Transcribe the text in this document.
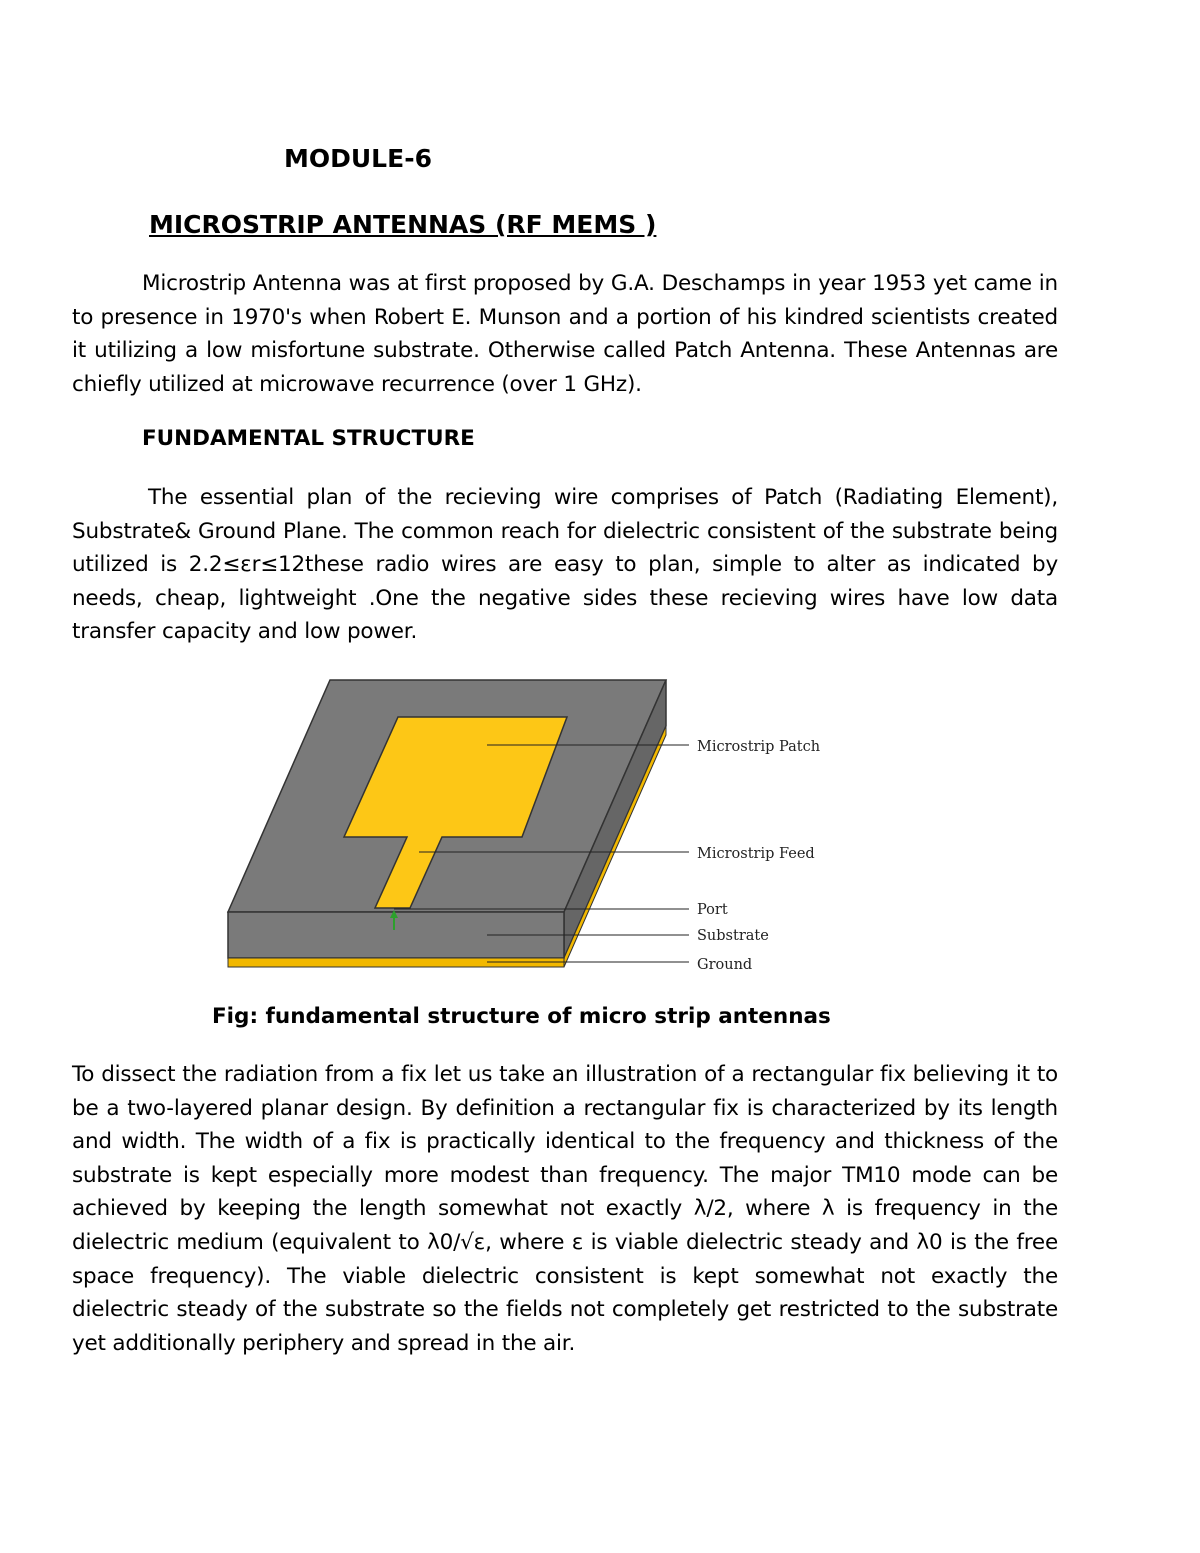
MODULE-6
MICROSTRIP ANTENNAS (RF MEMS )

Microstrip Antenna was at first proposed by G.A. Deschamps in year 1953 yet came in to presence in 1970's when Robert E. Munson and a portion of his kindred scientists created it utilizing a low misfortune substrate. Otherwise called Patch Antenna. These Antennas are chiefly utilized at microwave recurrence (over 1 GHz).

FUNDAMENTAL STRUCTURE

The essential plan of the recieving wire comprises of Patch (Radiating Element), Substrate& Ground Plane. The common reach for dielectric consistent of the substrate being utilized is 2.2≤εr≤12these radio wires are easy to plan, simple to alter as indicated by needs, cheap, lightweight .One the negative sides these recieving wires have low data transfer capacity and low power.

Microstrip Patch
Microstrip Feed
Port
Substrate
Ground
Fig: fundamental structure of micro strip antennas

To dissect the radiation from a fix let us take an illustration of a rectangular fix believing it to be a two-layered planar design. By definition a rectangular fix is characterized by its length and width. The width of a fix is practically identical to the frequency and thickness of the substrate is kept especially more modest than frequency. The major TM10 mode can be achieved by keeping the length somewhat not exactly λ/2, where λ is frequency in the dielectric medium (equivalent to λ0/√ε, where ε is viable dielectric steady and λ0 is the free space frequency). The viable dielectric consistent is kept somewhat not exactly the dielectric steady of the substrate so the fields not completely get restricted to the substrate yet additionally periphery and spread in the air.
